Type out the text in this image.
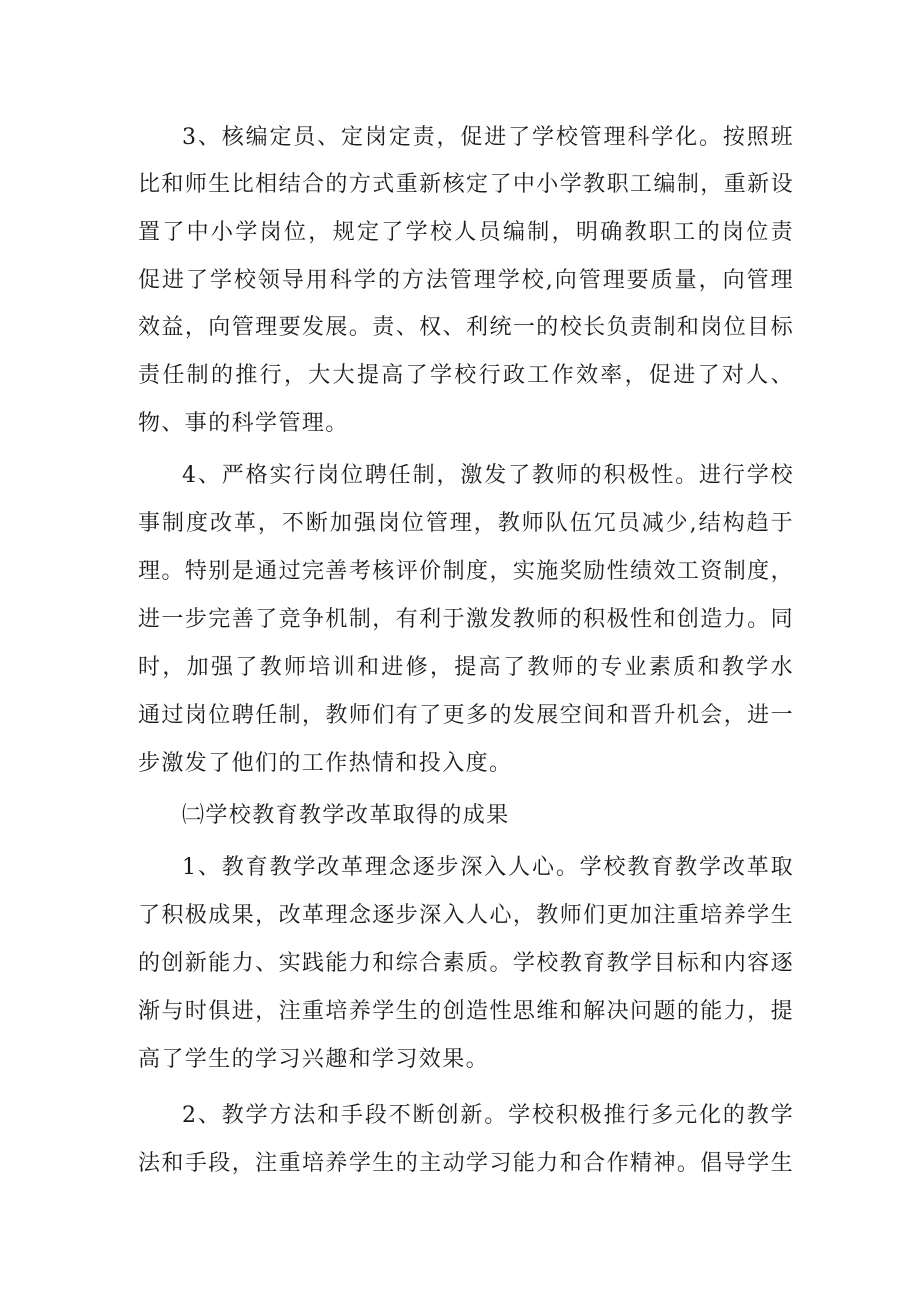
3、核编定员、定岗定责，促进了学校管理科学化。按照班
比和师生比相结合的方式重新核定了中小学教职工编制，重新设
置了中小学岗位，规定了学校人员编制，明确教职工的岗位责
促进了学校领导用科学的方法管理学校,向管理要质量，向管理
效益，向管理要发展。责、权、利统一的校长负责制和岗位目标
责任制的推行，大大提高了学校行政工作效率，促进了对人、
物、事的科学管理。
4、严格实行岗位聘任制，激发了教师的积极性。进行学校
事制度改革，不断加强岗位管理，教师队伍冗员减少,结构趋于
理。特别是通过完善考核评价制度，实施奖励性绩效工资制度，
进一步完善了竞争机制，有利于激发教师的积极性和创造力。同
时，加强了教师培训和进修，提高了教师的专业素质和教学水
通过岗位聘任制，教师们有了更多的发展空间和晋升机会，进一
步激发了他们的工作热情和投入度。
㈡学校教育教学改革取得的成果
1、教育教学改革理念逐步深入人心。学校教育教学改革取
了积极成果，改革理念逐步深入人心，教师们更加注重培养学生
的创新能力、实践能力和综合素质。学校教育教学目标和内容逐
渐与时俱进，注重培养学生的创造性思维和解决问题的能力，提
高了学生的学习兴趣和学习效果。
2、教学方法和手段不断创新。学校积极推行多元化的教学
法和手段，注重培养学生的主动学习能力和合作精神。倡导学生
